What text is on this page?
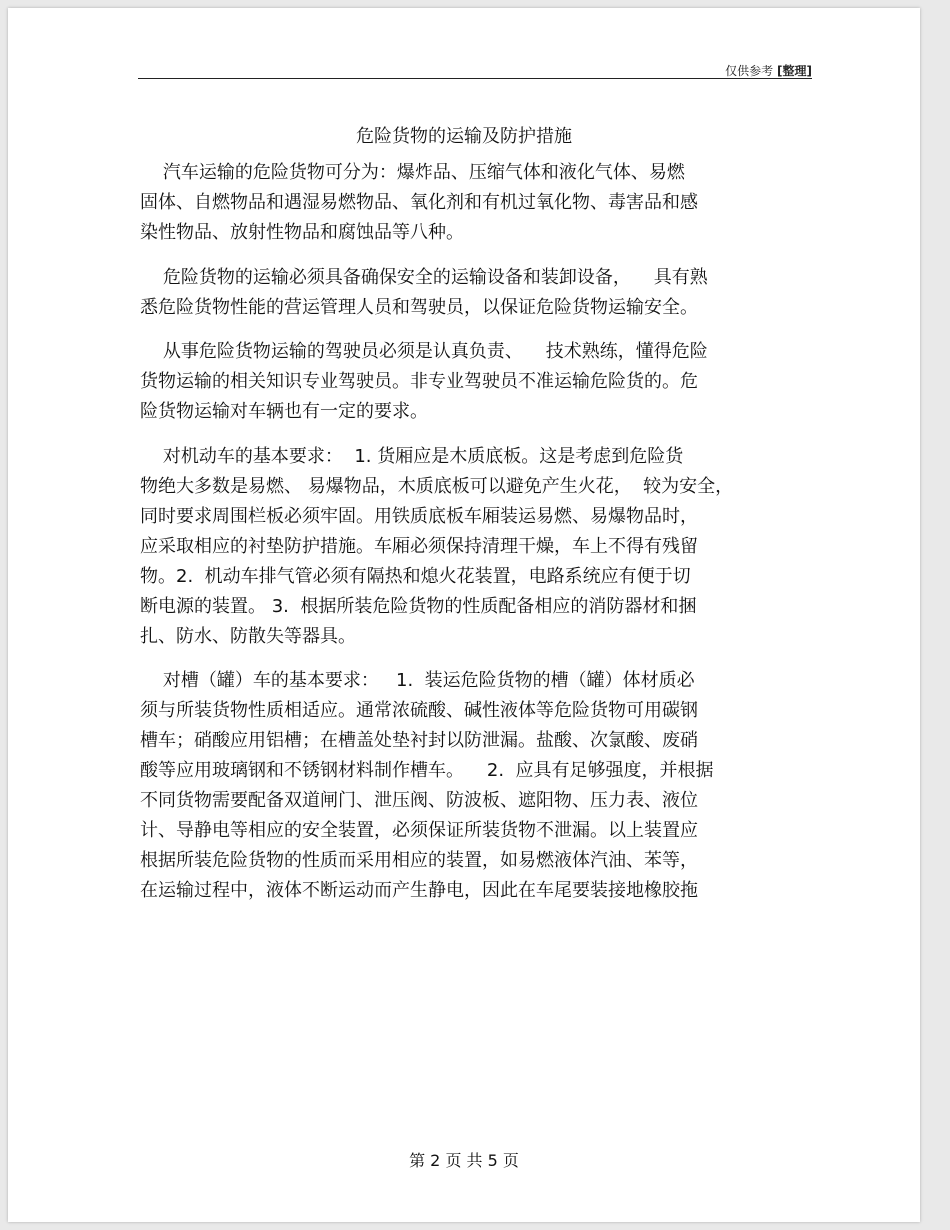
仅供参考 [整理]
危险货物的运输及防护措施
汽车运输的危险货物可分为：爆炸品、压缩气体和液化气体、易燃
固体、自燃物品和遇湿易燃物品、氧化剂和有机过氧化物、毒害品和感
染性物品、放射性物品和腐蚀品等八种。
危险货物的运输必须具备确保安全的运输设备和装卸设备，    具有熟
悉危险货物性能的营运管理人员和驾驶员，以保证危险货物运输安全。
从事危险货物运输的驾驶员必须是认真负责、    技术熟练，懂得危险
货物运输的相关知识专业驾驶员。非专业驾驶员不准运输危险货的。危
险货物运输对车辆也有一定的要求。
对机动车的基本要求：  1. 货厢应是木质底板。这是考虑到危险货
物绝大多数是易燃、 易爆物品，木质底板可以避免产生火花，  较为安全，
同时要求周围栏板必须牢固。用铁质底板车厢装运易燃、易爆物品时，
应采取相应的衬垫防护措施。车厢必须保持清理干燥，车上不得有残留
物。2.  机动车排气管必须有隔热和熄火花装置，电路系统应有便于切
断电源的装置。 3.  根据所装危险货物的性质配备相应的消防器材和捆
扎、防水、防散失等器具。
对槽（罐）车的基本要求：   1.  装运危险货物的槽（罐）体材质必
须与所装货物性质相适应。通常浓硫酸、碱性液体等危险货物可用碳钢
槽车；硝酸应用铝槽；在槽盖处垫衬封以防泄漏。盐酸、次氯酸、废硝
酸等应用玻璃钢和不锈钢材料制作槽车。    2.  应具有足够强度，并根据
不同货物需要配备双道闸门、泄压阀、防波板、遮阳物、压力表、液位
计、导静电等相应的安全装置，必须保证所装货物不泄漏。以上装置应
根据所装危险货物的性质而采用相应的装置，如易燃液体汽油、苯等，
在运输过程中，液体不断运动而产生静电，因此在车尾要装接地橡胶拖
第 2 页 共 5 页
